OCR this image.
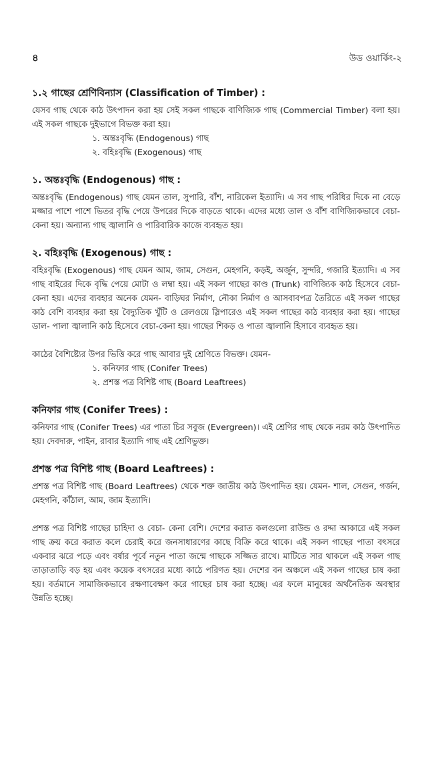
৪	উড ওয়ার্কিং-২
১.২ গাছের শ্রেণিবিন্যাস (Classification of Timber) :

যেসব গাছ থেকে কাঠ উৎপাদন করা হয় সেই সকল গাছকে বাণিজ্যিক গাছ (Commercial Timber) বলা হয়। এই সকল গাছকে দুইভাগে বিভক্ত করা হয়।

১. অন্তঃবৃদ্ধি (Endogenous) গাছ
২. বহিঃবৃদ্ধি (Exogenous) গাছ
১. অন্তঃবৃদ্ধি (Endogenous) গাছ :

অন্তঃবৃদ্ধি (Endogenous) গাছ যেমন তাল, সুপারি, বাঁশ, নারিকেল ইত্যাদি। এ সব গাছ পরিধির দিকে না বেড়ে মজ্জার পাশে পাশে ভিতর বৃদ্ধি পেয়ে উপরের দিকে বাড়তে থাকে। এদের মধ্যে তাল ও বাঁশ বাণিজ্যিকভাবে বেচা- কেনা হয়। অন্যান্য গাছ জ্বালানি ও পারিবারিক কাজে ব্যবহৃত হয়।

২. বহিঃবৃদ্ধি (Exogenous) গাছ :

বহিঃবৃদ্ধি (Exogenous) গাছ যেমন আম, জাম, সেগুন, মেহগনি, কড়ই, অর্জুন, সুন্দরি, গজারি ইত্যাদি। এ সব গাছ বাইরের দিকে বৃদ্ধি পেয়ে মোটা ও লম্বা হয়। এই সকল গাছের কাণ্ড (Trunk) বাণিজ্যিক কাঠ হিসেবে বেচা- কেনা হয়। এদের ব্যবহার অনেক যেমন- বাড়িঘর নির্মাণ, নৌকা নির্মাণ ও আসবাবপত্র তৈরিতে এই সকল গাছের কাঠ বেশি ব্যবহার করা হয় বৈদ্যুতিক খুঁটি ও রেলওয়ে স্লিপারেও এই সকল গাছের কাঠ ব্যবহার করা হয়। গাছের ডাল- পালা জ্বালানি কাঠ হিসেবে বেচা-কেনা হয়। গাছের শিকড় ও পাতা জ্বালানি হিসাবে ব্যবহৃত হয়।

কাঠের বৈশিষ্ট্যের উপর ভিত্তি করে গাছ আবার দুই শ্রেণিতে বিভক্ত। যেমন-

১. কনিফার গাছ (Conifer Trees)
২. প্রশস্ত পত্র বিশিষ্ট গাছ (Board Leaftrees)
কনিফার গাছ (Conifer Trees) :

কনিফার গাছ (Conifer Trees) এর পাতা চির সবুজ (Evergreen)। এই শ্রেণির গাছ থেকে নরম কাঠ উৎপাদিত হয়। দেবদারু, পাইন, রাবার ইত্যাদি গাছ এই শ্রেণিভুক্ত।

প্রশস্ত পত্র বিশিষ্ট গাছ (Board Leaftrees) :

প্রশস্ত পত্র বিশিষ্ট গাছ (Board Leaftrees) থেকে শক্ত জাতীয় কাঠ উৎপাদিত হয়। যেমন- শাল, সেগুন, গর্জন, মেহগনি, কাঁঠাল, আম, জাম ইত্যাদি।

প্রশস্ত পত্র বিশিষ্ট গাছের চাহিদা ও বেচা- কেনা বেশি। দেশের করাত কলগুলো রাউন্ড ও রদ্দা আকারে এই সকল গাছ ক্রয় করে করাত কলে চেরাই করে জনসাধারণের কাছে বিক্রি করে থাকে। এই সকল গাছের পাতা বৎসরে একবার ঝরে পড়ে এবং বর্ষার পূর্বে নতুন পাতা জন্মে গাছকে সজ্জিত রাখে। মাটিতে সার থাকলে এই সকল গাছ তাড়াতাড়ি বড় হয় এবং কয়েক বৎসরের মধ্যে কাঠে পরিণত হয়। দেশের বন অঞ্চলে এই সকল গাছের চাষ করা হয়। বর্তমানে সামাজিকভাবে রক্ষণাবেক্ষণ করে গাছের চাষ করা হচ্ছে। এর ফলে মানুষের অর্থনৈতিক অবস্থার উন্নতি হচ্ছে।
